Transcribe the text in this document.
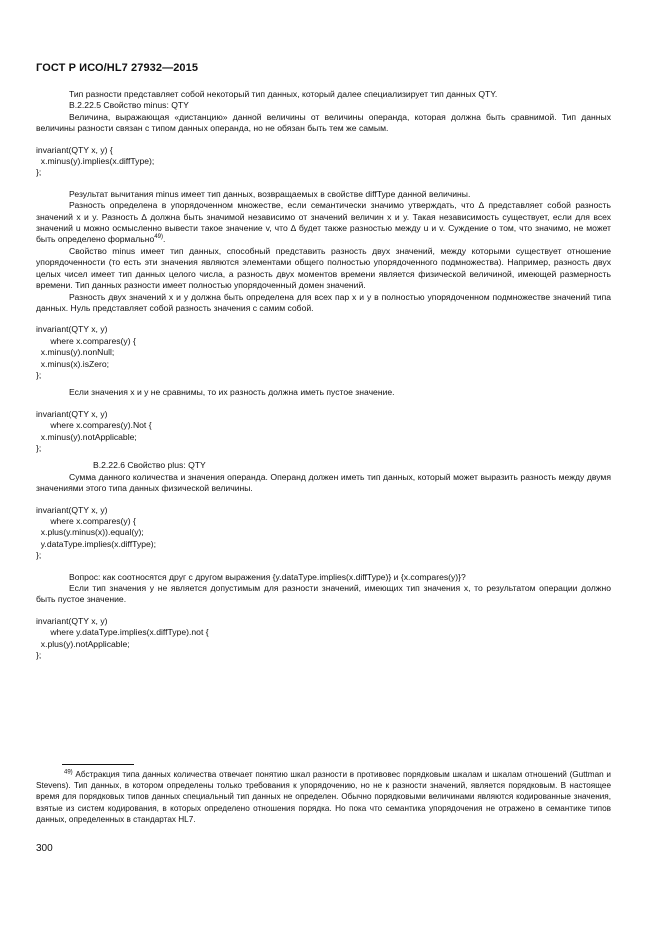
ГОСТ Р ИСО/HL7 27932—2015

Тип разности представляет собой некоторый тип данных, который далее специализирует тип данных QTY.

B.2.22.5 Свойство minus: QTY

Величина, выражающая «дистанцию» данной величины от величины операнда, которая должна быть сравнимой. Тип данных величины разности связан с типом данных операнда, но не обязан быть тем же самым.

invariant(QTY x, y) {

x.minus(y).implies(x.diffType);

};

Результат вычитания minus имеет тип данных, возвращаемых в свойстве diffType данной величины.

Разность определена в упорядоченном множестве, если семантически значимо утверждать, что ∆ представляет собой разность значений x и y. Разность ∆ должна быть значимой независимо от значений величин x и y. Такая независимость существует, если для всех значений u можно осмысленно вывести такое значение v, что ∆ будет также разностью между u и v. Суждение о том, что значимо, не может быть определено формально$^{49)}$.

Свойство minus имеет тип данных, способный представить разность двух значений, между которыми существует отношение упорядоченности (то есть эти значения являются элементами общего полностью упорядоченного подмножества). Например, разность двух целых чисел имеет тип данных целого числа, а разность двух моментов времени является физической величиной, имеющей размерность времени. Тип данных разности имеет полностью упорядоченный домен значений.

Разность двух значений x и y должна быть определена для всех пар x и y в полностью упорядоченном подмножестве значений типа данных. Нуль представляет собой разность значения с самим собой.

invariant(QTY x, y)

where x.compares(y) {

x.minus(y).nonNull;

x.minus(x).isZero;

};

Если значения x и y не сравнимы, то их разность должна иметь пустое значение.

invariant(QTY x, y)

where x.compares(y).Not {

x.minus(y).notApplicable;

};

B.2.22.6 Свойство plus: QTY

Сумма данного количества и значения операнда. Операнд должен иметь тип данных, который может выразить разность между двумя значениями этого типа данных физической величины.

invariant(QTY x, y)

where x.compares(y) {

x.plus(y.minus(x)).equal(y);

y.dataType.implies(x.diffType);

};

Вопрос: как соотносятся друг с другом выражения {y.dataType.implies(x.diffType)} и {x.compares(y)}?

Если тип значения y не является допустимым для разности значений, имеющих тип значения x, то результатом операции должно быть пустое значение.

invariant(QTY x, y)

where y.dataType.implies(x.diffType).not {

x.plus(y).notApplicable;

};

$^{49)}$ Абстракция типа данных количества отвечает понятию шкал разности в противовес порядковым шкалам и шкалам отношений (Guttman и Stevens). Тип данных, в котором определены только требования к упорядочению, но не к разности значений, является порядковым. В настоящее время для порядковых типов данных специальный тип данных не определен. Обычно порядковыми величинами являются кодированные значения, взятые из систем кодирования, в которых определено отношения порядка. Но пока что семантика упорядочения не отражено в семантике типов данных, определенных в стандартах HL7.

300
